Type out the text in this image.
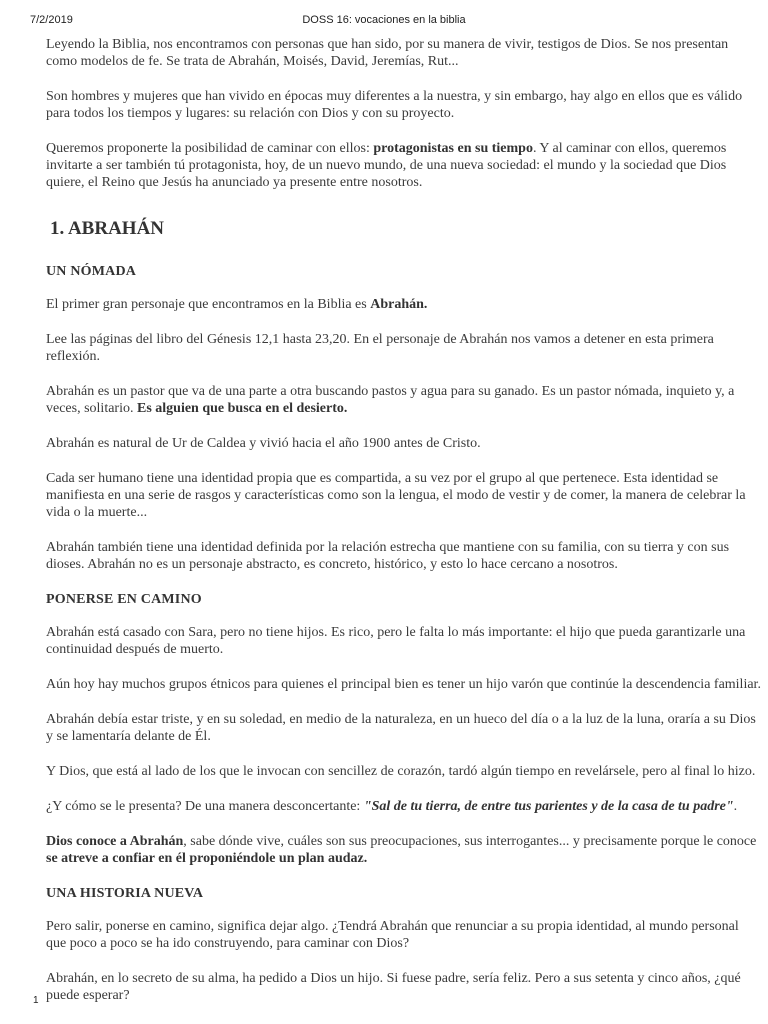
7/2/2019	DOSS 16: vocaciones en la biblia

Leyendo la Biblia, nos encontramos con personas que han sido, por su manera de vivir, testigos de Dios. Se nos presentan como modelos de fe. Se trata de Abrahán, Moisés, David, Jeremías, Rut...

Son hombres y mujeres que han vivido en épocas muy diferentes a la nuestra, y sin embargo, hay algo en ellos que es válido para todos los tiempos y lugares: su relación con Dios y con su proyecto.

Queremos proponerte la posibilidad de caminar con ellos: protagonistas en su tiempo. Y al caminar con ellos, queremos invitarte a ser también tú protagonista, hoy, de un nuevo mundo, de una nueva sociedad: el mundo y la sociedad que Dios quiere, el Reino que Jesús ha anunciado ya presente entre nosotros.

1. ABRAHÁN
UN NÓMADA

El primer gran personaje que encontramos en la Biblia es Abrahán.

Lee las páginas del libro del Génesis 12,1 hasta 23,20. En el personaje de Abrahán nos vamos a detener en esta primera reflexión.

Abrahán es un pastor que va de una parte a otra buscando pastos y agua para su ganado. Es un pastor nómada, inquieto y, a veces, solitario. Es alguien que busca en el desierto.

Abrahán es natural de Ur de Caldea y vivió hacia el año 1900 antes de Cristo.

Cada ser humano tiene una identidad propia que es compartida, a su vez por el grupo al que pertenece. Esta identidad se manifiesta en una serie de rasgos y características como son la lengua, el modo de vestir y de comer, la manera de celebrar la vida o la muerte...

Abrahán también tiene una identidad definida por la relación estrecha que mantiene con su familia, con su tierra y con sus dioses. Abrahán no es un personaje abstracto, es concreto, histórico, y esto lo hace cercano a nosotros.

PONERSE EN CAMINO

Abrahán está casado con Sara, pero no tiene hijos. Es rico, pero le falta lo más importante: el hijo que pueda garantizarle una continuidad después de muerto.

Aún hoy hay muchos grupos étnicos para quienes el principal bien es tener un hijo varón que continúe la descendencia familiar.

Abrahán debía estar triste, y en su soledad, en medio de la naturaleza, en un hueco del día o a la luz de la luna, oraría a su Dios y se lamentaría delante de Él.

Y Dios, que está al lado de los que le invocan con sencillez de corazón, tardó algún tiempo en revelársele, pero al final lo hizo.

¿Y cómo se le presenta? De una manera desconcertante: "Sal de tu tierra, de entre tus parientes y de la casa de tu padre".

Dios conoce a Abrahán, sabe dónde vive, cuáles son sus preocupaciones, sus interrogantes... y precisamente porque le conoce se atreve a confiar en él proponiéndole un plan audaz.

UNA HISTORIA NUEVA

Pero salir, ponerse en camino, significa dejar algo. ¿Tendrá Abrahán que renunciar a su propia identidad, al mundo personal que poco a poco se ha ido construyendo, para caminar con Dios?

Abrahán, en lo secreto de su alma, ha pedido a Dios un hijo. Si fuese padre, sería feliz. Pero a sus setenta y cinco años, ¿qué puede esperar?

1
